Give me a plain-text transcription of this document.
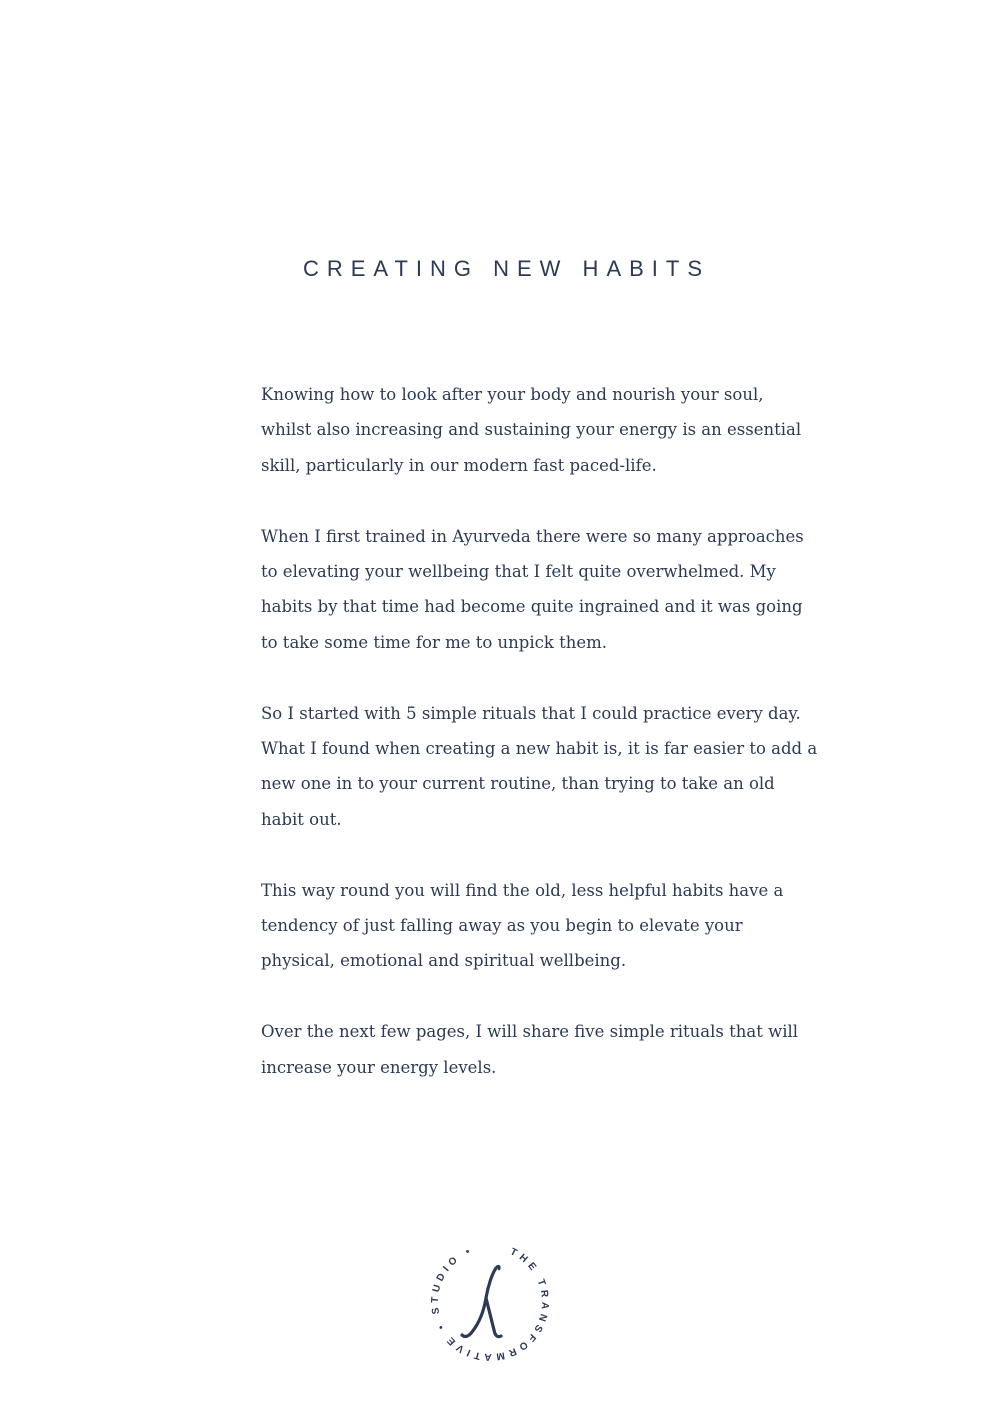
CREATING NEW HABITS

Knowing how to look after your body and nourish your soul,
whilst also increasing and sustaining your energy is an essential
skill, particularly in our modern fast paced-life.

When I first trained in Ayurveda there were so many approaches
to elevating your wellbeing that I felt quite overwhelmed. My
habits by that time had become quite ingrained and it was going
to take some time for me to unpick them.

So I started with 5 simple rituals that I could practice every day.
What I found when creating a new habit is, it is far easier to add a
new one in to your current routine, than trying to take an old
habit out.

This way round you will find the old, less helpful habits have a
tendency of just falling away as you begin to elevate your
physical, emotional and spiritual wellbeing.

Over the next few pages, I will share five simple rituals that will
increase your energy levels.

THE TRANSFORMATIVE • STUDIO •
